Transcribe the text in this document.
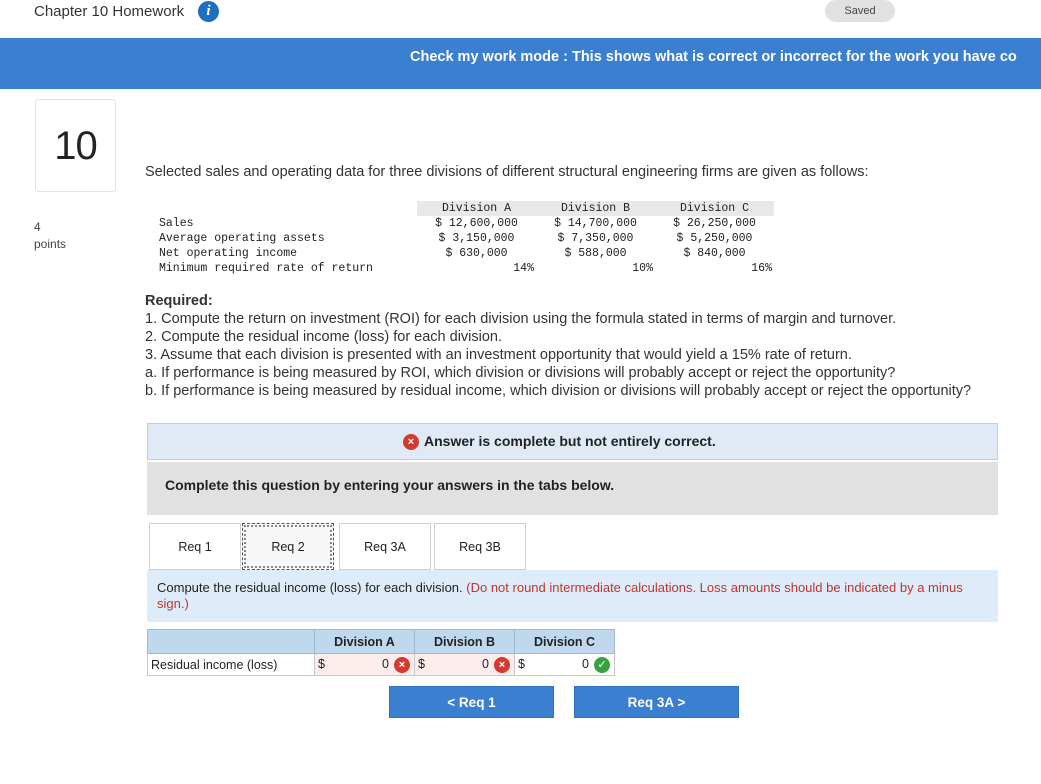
Chapter 10 Homework	i	Saved
Check my work mode : This shows what is correct or incorrect for the work you have co
10
4
points
Selected sales and operating data for three divisions of different structural engineering firms are given as follows:
	Division A	Division B	Division C
Sales	$ 12,600,000	$ 14,700,000	$ 26,250,000
Average operating assets	$ 3,150,000	$ 7,350,000	$ 5,250,000
Net operating income	$ 630,000	$ 588,000	$ 840,000
Minimum required rate of return	14%	10%	16%
Required:
1. Compute the return on investment (ROI) for each division using the formula stated in terms of margin and turnover.
2. Compute the residual income (loss) for each division.
3. Assume that each division is presented with an investment opportunity that would yield a 15% rate of return.
a. If performance is being measured by ROI, which division or divisions will probably accept or reject the opportunity?
b. If performance is being measured by residual income, which division or divisions will probably accept or reject the opportunity?
× Answer is complete but not entirely correct.
Complete this question by entering your answers in the tabs below.
Req 1	Req 2	Req 3A	Req 3B
Compute the residual income (loss) for each division. (Do not round intermediate calculations. Loss amounts should be indicated by a minus sign.)
	Division A	Division B	Division C
Residual income (loss)	$ 0 ×	$ 0 ×	$ 0 ✓
< Req 1	Req 3A >
